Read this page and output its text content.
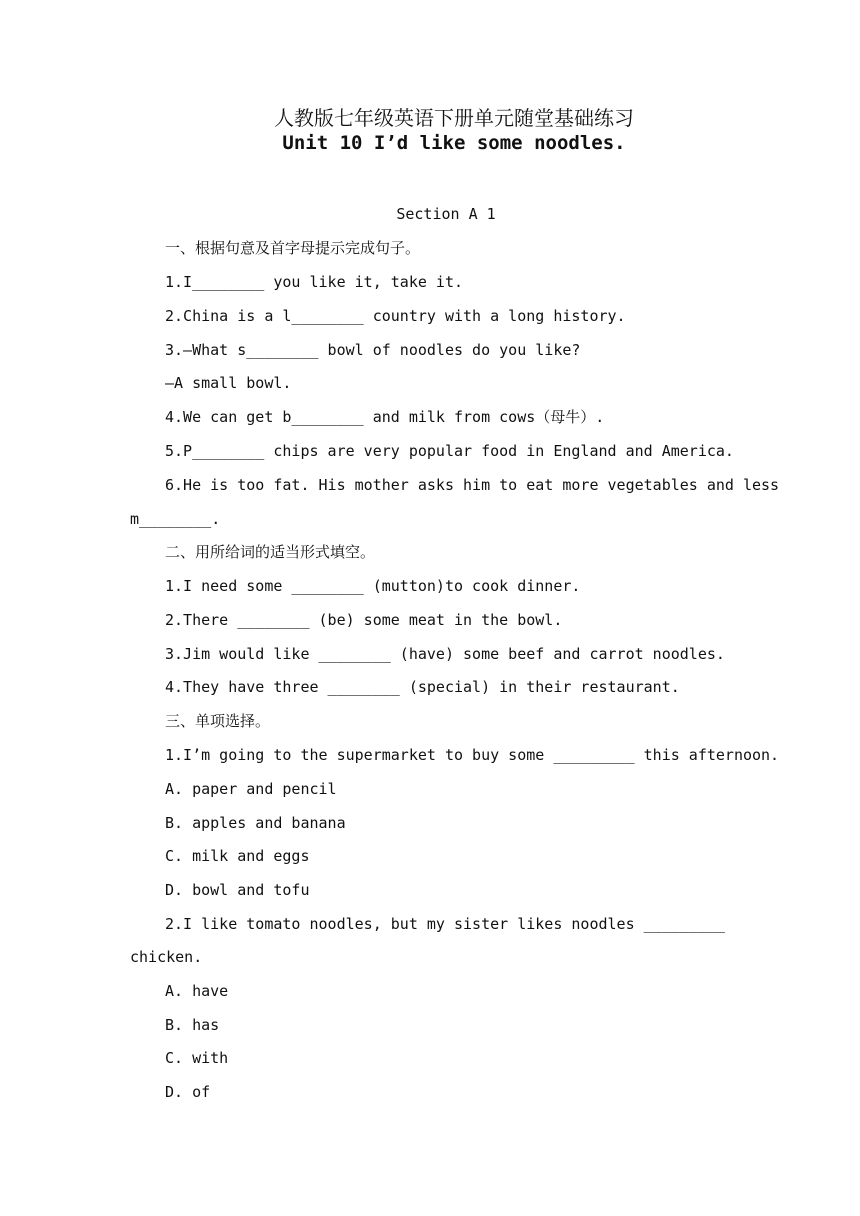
人教版七年级英语下册单元随堂基础练习
Unit 10 I’d like some noodles.
Section A 1
一、根据句意及首字母提示完成句子。
1.I________ you like it, take it.
2.China is a l________ country with a long history.
3.—What s________ bowl of noodles do you like?
—A small bowl.
4.We can get b________ and milk from cows（母牛）.
5.P________ chips are very popular food in England and America.
6.He is too fat. His mother asks him to eat more vegetables and less
m________.
二、用所给词的适当形式填空。
1.I need some ________ (mutton)to cook dinner.
2.There ________ (be) some meat in the bowl.
3.Jim would like ________ (have) some beef and carrot noodles.
4.They have three ________ (special) in their restaurant.
三、单项选择。
1.I’m going to the supermarket to buy some _________ this afternoon.
A. paper and pencil
B. apples and banana
C. milk and eggs
D. bowl and tofu
2.I like tomato noodles, but my sister likes noodles _________
chicken.
A. have
B. has
C. with
D. of
